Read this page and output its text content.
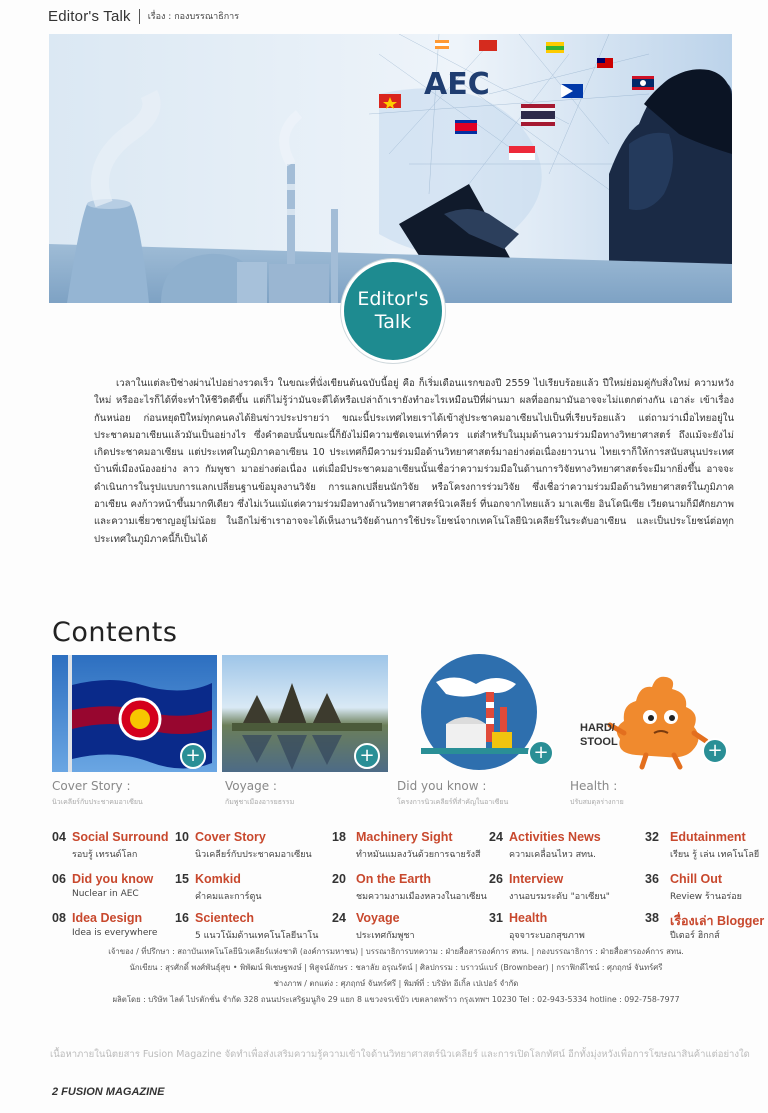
Editor's Talk เรื่อง : กองบรรณาธิการ
AEC
Editor's
Talk

เวลาในแต่ละปีช่างผ่านไปอย่างรวดเร็ว ในขณะที่นั่งเขียนต้นฉบับนี้อยู่ คือ ก็เริ่มเดือนแรกของปี 2559 ไปเรียบร้อยแล้ว ปีใหม่ย่อมคู่กับสิ่งใหม่ ความหวังใหม่ หรืออะไรก็ได้ที่จะทำให้ชีวิตดีขึ้น แต่ก็ไม่รู้ว่ามันจะดีได้หรือเปล่าถ้าเรายังทำอะไรเหมือนปีที่ผ่านมา ผลที่ออกมามันอาจจะไม่แตกต่างกัน เอาล่ะ เข้าเรื่องกันหน่อย ก่อนหยุดปีใหม่ทุกคนคงได้ยินข่าวประปรายว่า ขณะนี้ประเทศไทยเราได้เข้าสู่ประชาคมอาเซียนไปเป็นที่เรียบร้อยแล้ว แต่ถามว่าเมื่อไทยอยู่ในประชาคมอาเซียนแล้วมันเป็นอย่างไร ซึ่งคำตอบนั้นขณะนี้ก็ยังไม่มีความชัดเจนเท่าที่ควร แต่สำหรับในมุมด้านความร่วมมือทางวิทยาศาสตร์ ถึงแม้จะยังไม่เกิดประชาคมอาเซียน แต่ประเทศในภูมิภาคอาเซียน 10 ประเทศก็มีความร่วมมือด้านวิทยาศาสตร์มาอย่างต่อเนื่องยาวนาน ไทยเราก็ให้การสนับสนุนประเทศบ้านพี่เมืองน้องอย่าง ลาว กัมพูชา มาอย่างต่อเนื่อง แต่เมื่อมีประชาคมอาเซียนนั้นเชื่อว่าความร่วมมือในด้านการวิจัยทางวิทยาศาสตร์จะมีมากยิ่งขึ้น อาจจะดำเนินการในรูปแบบการแลกเปลี่ยนฐานข้อมูลงานวิจัย การแลกเปลี่ยนนักวิจัย หรือโครงการร่วมวิจัย ซึ่งเชื่อว่าความร่วมมือด้านวิทยาศาสตร์ในภูมิภาคอาเซียน คงก้าวหน้าขึ้นมากทีเดียว ซึ่งไม่เว้นแม้แต่ความร่วมมือทางด้านวิทยาศาสตร์นิวเคลียร์ ที่นอกจากไทยแล้ว มาเลเซีย อินโดนีเซีย เวียดนามก็มีศักยภาพและความเชี่ยวชาญอยู่ไม่น้อย ในอีกไม่ช้าเราอาจจะได้เห็นงานวิจัยด้านการใช้ประโยชน์จากเทคโนโลยีนิวเคลียร์ในระดับอาเซียน และเป็นประโยชน์ต่อทุกประเทศในภูมิภาคนี้ก็เป็นได้

Contents
+
Cover Story :
นิวเคลียร์กับประชาคมอาเซียน
+
Voyage :
กัมพูชาเมืองอารยธรรม
+
Did you know :
โครงการนิวเคลียร์ที่สำคัญในอาเซียน
HARD/
STOOL	+
Health :
ปรับสมดุลร่างกาย
04 Social Surround
รอบรู้ เทรนด์โลก
06 Did you know
Nuclear in AEC
08 Idea Design
Idea is everywhere
10 Cover Story
นิวเคลียร์กับประชาคมอาเซียน
15 Komkid
คำคมและการ์ตูน
16 Scientech
5 แนวโน้มด้านเทคโนโลยีนาโน
18 Machinery Sight
ทำหมันแมลงวันด้วยการฉายรังสี
20 On the Earth
ชมความงามเมืองหลวงในอาเซียน
24 Voyage
ประเทศกัมพูชา
24 Activities News
ความเคลื่อนไหว สทน.
26 Interview
งานอบรมระดับ "อาเซียน"
31 Health
อุจจาระบอกสุขภาพ
32 Edutainment
เรียน รู้ เล่น เทคโนโลยี
36 Chill Out
Review ร้านอร่อย
38 เรื่องเล่า Blogger
ปีเตอร์ ฮิกกส์
เจ้าของ / ที่ปรึกษา : สถาบันเทคโนโลยีนิวเคลียร์แห่งชาติ (องค์การมหาชน) | บรรณาธิการบทความ : ฝ่ายสื่อสารองค์การ สทน. | กองบรรณาธิการ : ฝ่ายสื่อสารองค์การ สทน.
นักเขียน : สุรศักดิ์ พงศ์พันธุ์สุข • พิพัฒน์ พิเชษฐพงษ์ | พิสูจน์อักษร : ชลาลัย อรุณรัตน์ | ศิลปกรรม : บราวน์แบร์ (Brownbear) | กราฟิกดีไซน์ : ศุภฤกษ์ จันทร์ศรี
ช่างภาพ / ตกแต่ง : ศุภฤกษ์ จันทร์ศรี | พิมพ์ที่ : บริษัท อีเกิ้ล เปเปอร์ จำกัด
ผลิตโดย : บริษัท ไลต์ ไปรตักชั่น จำกัด 328 ถนนประเสริฐมนูกิจ 29 แยก 8 แขวงจรเข้บัว เขตลาดพร้าว กรุงเทพฯ 10230 Tel : 02-943-5334 hotline : 092-758-7977
เนื้อหาภายในนิตยสาร Fusion Magazine จัดทำเพื่อส่งเสริมความรู้ความเข้าใจด้านวิทยาศาสตร์นิวเคลียร์ และการเปิดโลกทัศน์ อีกทั้งมุ่งหวังเพื่อการโฆษณาสินค้าแต่อย่างใด
2 FUSION MAGAZINE
